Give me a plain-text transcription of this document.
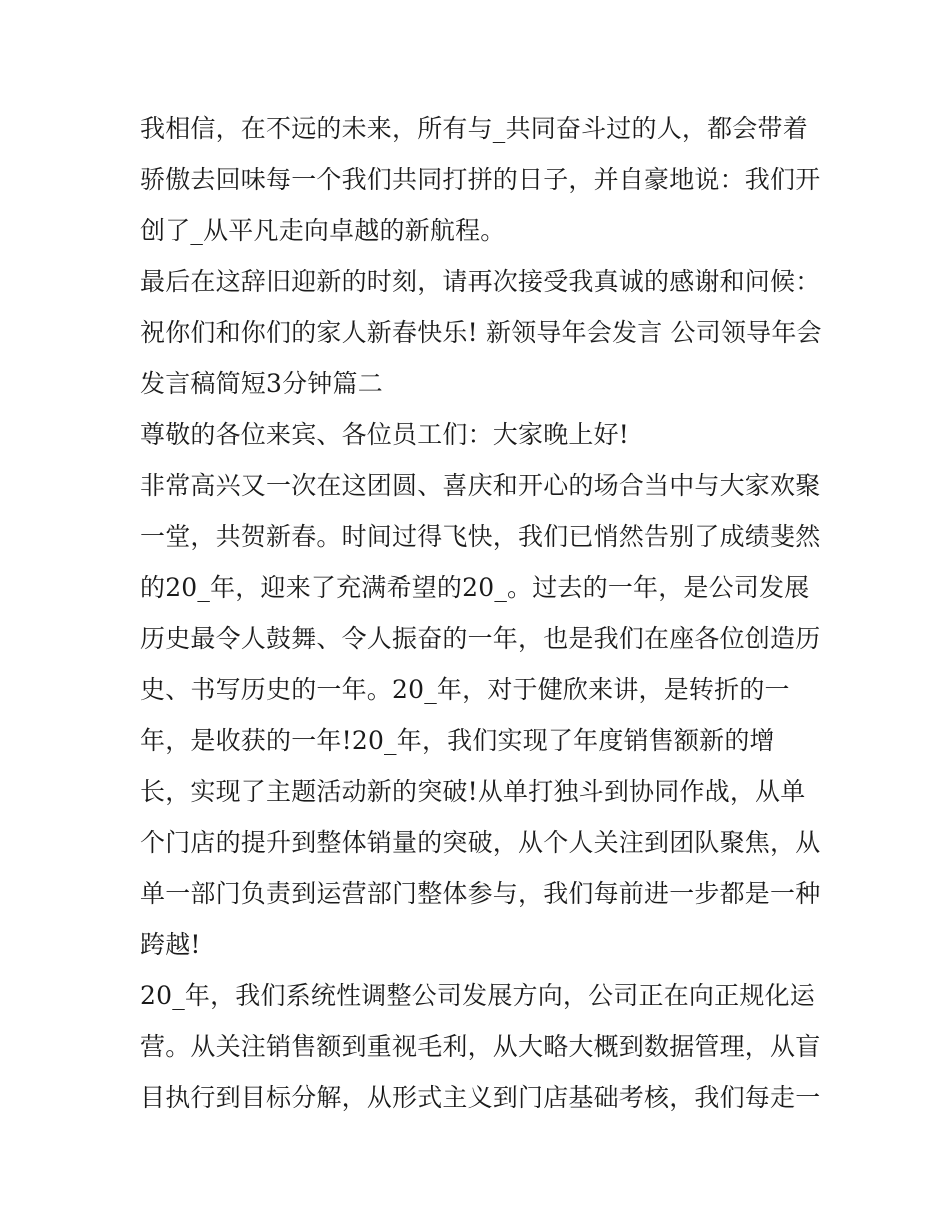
我相信，在不远的未来，所有与_共同奋斗过的人，都会带着
骄傲去回味每一个我们共同打拼的日子，并自豪地说：我们开
创了_从平凡走向卓越的新航程。
最后在这辞旧迎新的时刻，请再次接受我真诚的感谢和问候：
祝你们和你们的家人新春快乐! 新领导年会发言 公司领导年会
发言稿简短3分钟篇二
尊敬的各位来宾、各位员工们：大家晚上好!
非常高兴又一次在这团圆、喜庆和开心的场合当中与大家欢聚
一堂，共贺新春。时间过得飞快，我们已悄然告别了成绩斐然
的20_年，迎来了充满希望的20_。过去的一年，是公司发展
历史最令人鼓舞、令人振奋的一年，也是我们在座各位创造历
史、书写历史的一年。20_年，对于健欣来讲，是转折的一
年，是收获的一年!20_年，我们实现了年度销售额新的增
长，实现了主题活动新的突破!从单打独斗到协同作战，从单
个门店的提升到整体销量的突破，从个人关注到团队聚焦，从
单一部门负责到运营部门整体参与，我们每前进一步都是一种
跨越!
20_年，我们系统性调整公司发展方向，公司正在向正规化运
营。从关注销售额到重视毛利，从大略大概到数据管理，从盲
目执行到目标分解，从形式主义到门店基础考核，我们每走一
